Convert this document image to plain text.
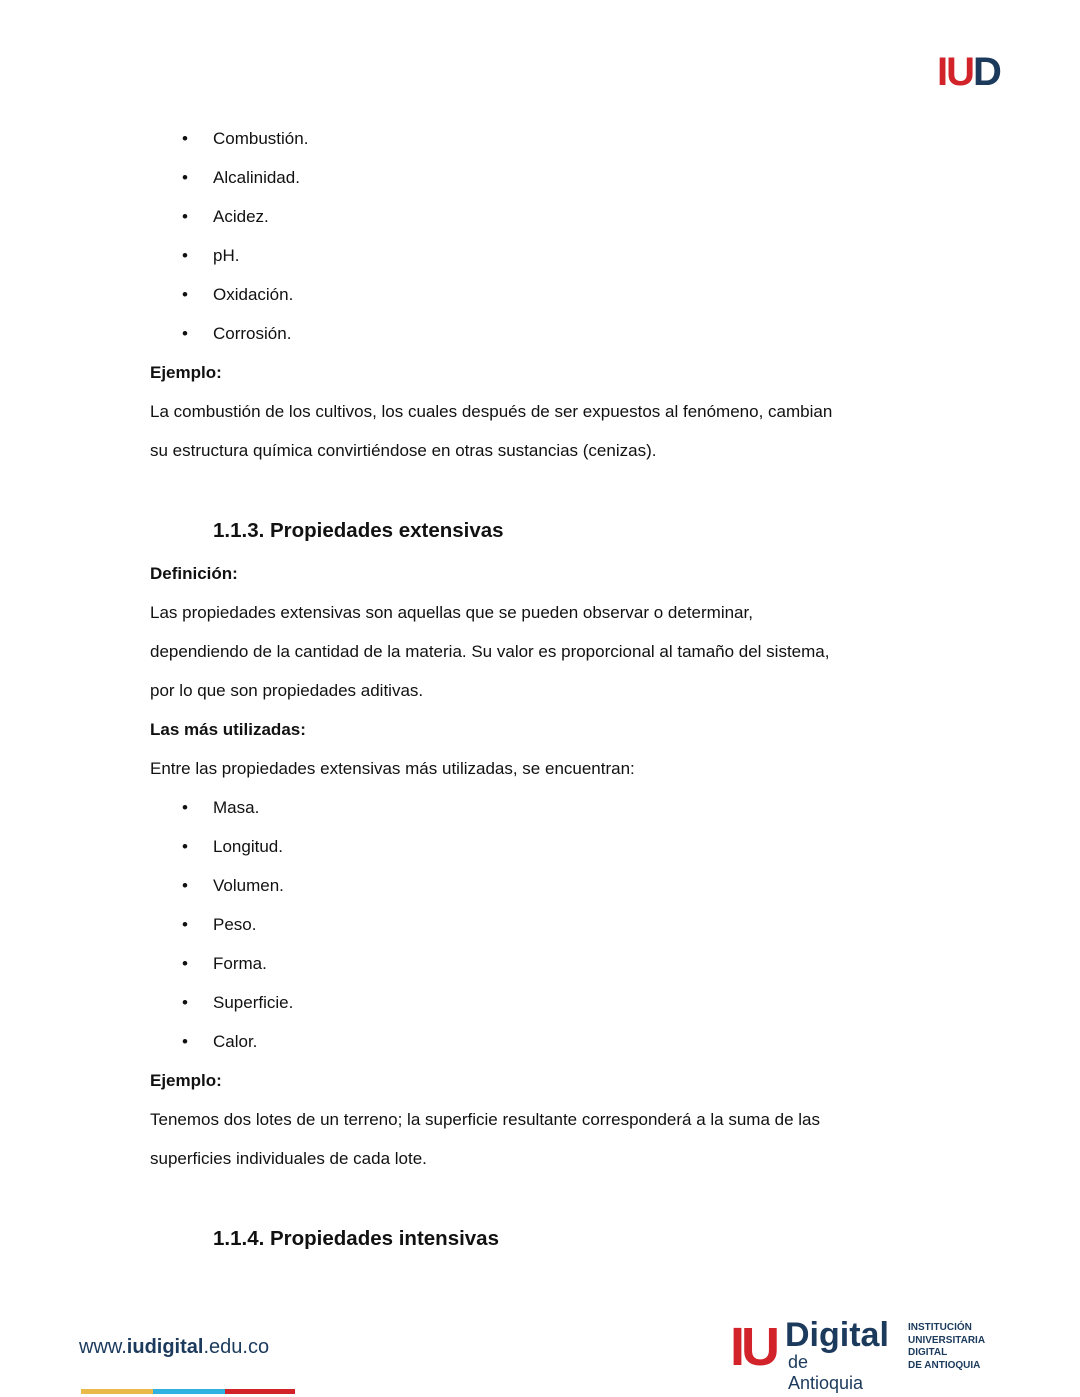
IUD
• Combustión.
• Alcalinidad.
• Acidez.
• pH.
• Oxidación.
• Corrosión.
Ejemplo:
La combustión de los cultivos, los cuales después de ser expuestos al fenómeno, cambian
su estructura química convirtiéndose en otras sustancias (cenizas).
1.1.3. Propiedades extensivas
Definición:
Las propiedades extensivas son aquellas que se pueden observar o determinar,
dependiendo de la cantidad de la materia. Su valor es proporcional al tamaño del sistema,
por lo que son propiedades aditivas.
Las más utilizadas:
Entre las propiedades extensivas más utilizadas, se encuentran:
• Masa.
• Longitud.
• Volumen.
• Peso.
• Forma.
• Superficie.
• Calor.
Ejemplo:
Tenemos dos lotes de un terreno; la superficie resultante corresponderá a la suma de las
superficies individuales de cada lote.
1.1.4. Propiedades intensivas
www.iudigital.edu.co	IU Digital
de Antioquia
INSTITUCIÓN
UNIVERSITARIA
DIGITAL
DE ANTIOQUIA
